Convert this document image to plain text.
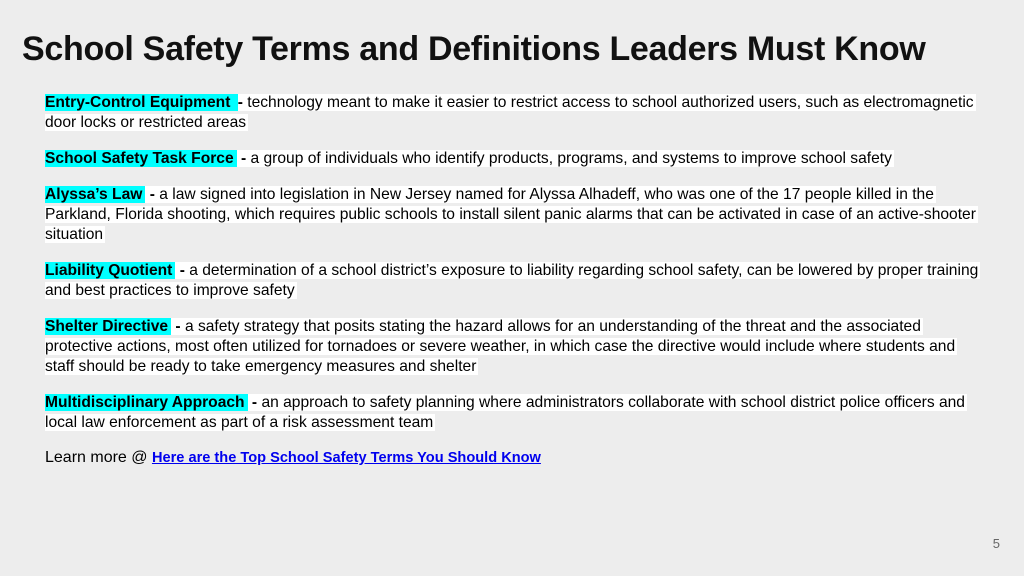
School Safety Terms and Definitions Leaders Must Know

Entry-Control Equipment - technology meant to make it easier to restrict access to school authorized users, such as electromagnetic door locks or restricted areas

School Safety Task Force - a group of individuals who identify products, programs, and systems to improve school safety

Alyssa’s Law - a law signed into legislation in New Jersey named for Alyssa Alhadeff, who was one of the 17 people killed in the Parkland, Florida shooting, which requires public schools to install silent panic alarms that can be activated in case of an active-shooter situation

Liability Quotient - a determination of a school district’s exposure to liability regarding school safety, can be lowered by proper training and best practices to improve safety

Shelter Directive - a safety strategy that posits stating the hazard allows for an understanding of the threat and the associated protective actions, most often utilized for tornadoes or severe weather, in which case the directive would include where students and staff should be ready to take emergency measures and shelter

Multidisciplinary Approach - an approach to safety planning where administrators collaborate with school district police officers and local law enforcement as part of a risk assessment team

Learn more @ Here are the Top School Safety Terms You Should Know
5
